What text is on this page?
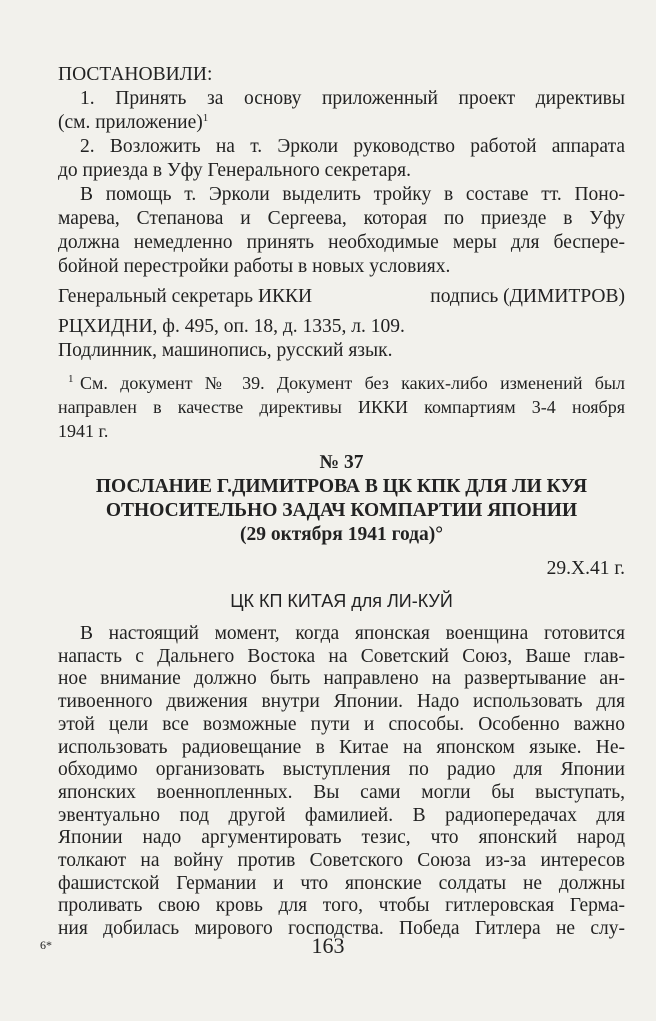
ПОСТАНОВИЛИ:
1. Принять за основу приложенный проект директивы
(см. приложение)$^1$
2. Возложить на т. Эрколи руководство работой аппарата
до приезда в Уфу Генерального секретаря.
В помощь т. Эрколи выделить тройку в составе тт. Поно-
марева, Степанова и Сергеева, которая по приезде в Уфу
должна немедленно принять необходимые меры для беспере-
бойной перестройки работы в новых условиях.
Генеральный секретарь ИККИ	подпись (ДИМИТРОВ)
РЦХИДНИ, ф. 495, оп. 18, д. 1335, л. 109.
Подлинник, машинопись, русский язык.
См. документ № 39. Документ без каких-либо изменений был
1
направлен в качестве директивы ИККИ компартиям 3-4 ноября
1941 г.
№ 37
ПОСЛАНИЕ Г.ДИМИТРОВА В ЦК КПК ДЛЯ ЛИ КУЯ
ОТНОСИТЕЛЬНО ЗАДАЧ КОМПАРТИИ ЯПОНИИ
(29 октября 1941 года)°
29.X.41 г.
ЦК КП КИТАЯ для ЛИ-КУЙ
В настоящий момент, когда японская военщина готовится
напасть с Дальнего Востока на Советский Союз, Ваше глав-
ное внимание должно быть направлено на развертывание ан-
тивоенного движения внутри Японии. Надо использовать для
этой цели все возможные пути и способы. Особенно важно
использовать радиовещание в Китае на японском языке. Не-
обходимо организовать выступления по радио для Японии
японских военнопленных. Вы сами могли бы выступать,
эвентуально под другой фамилией. В радиопередачах для
Японии надо аргументировать тезис, что японский народ
толкают на войну против Советского Союза из-за интересов
фашистской Германии и что японские солдаты не должны
проливать свою кровь для того, чтобы гитлеровская Герма-
ния добилась мирового господства. Победа Гитлера не слу-
6*	163
